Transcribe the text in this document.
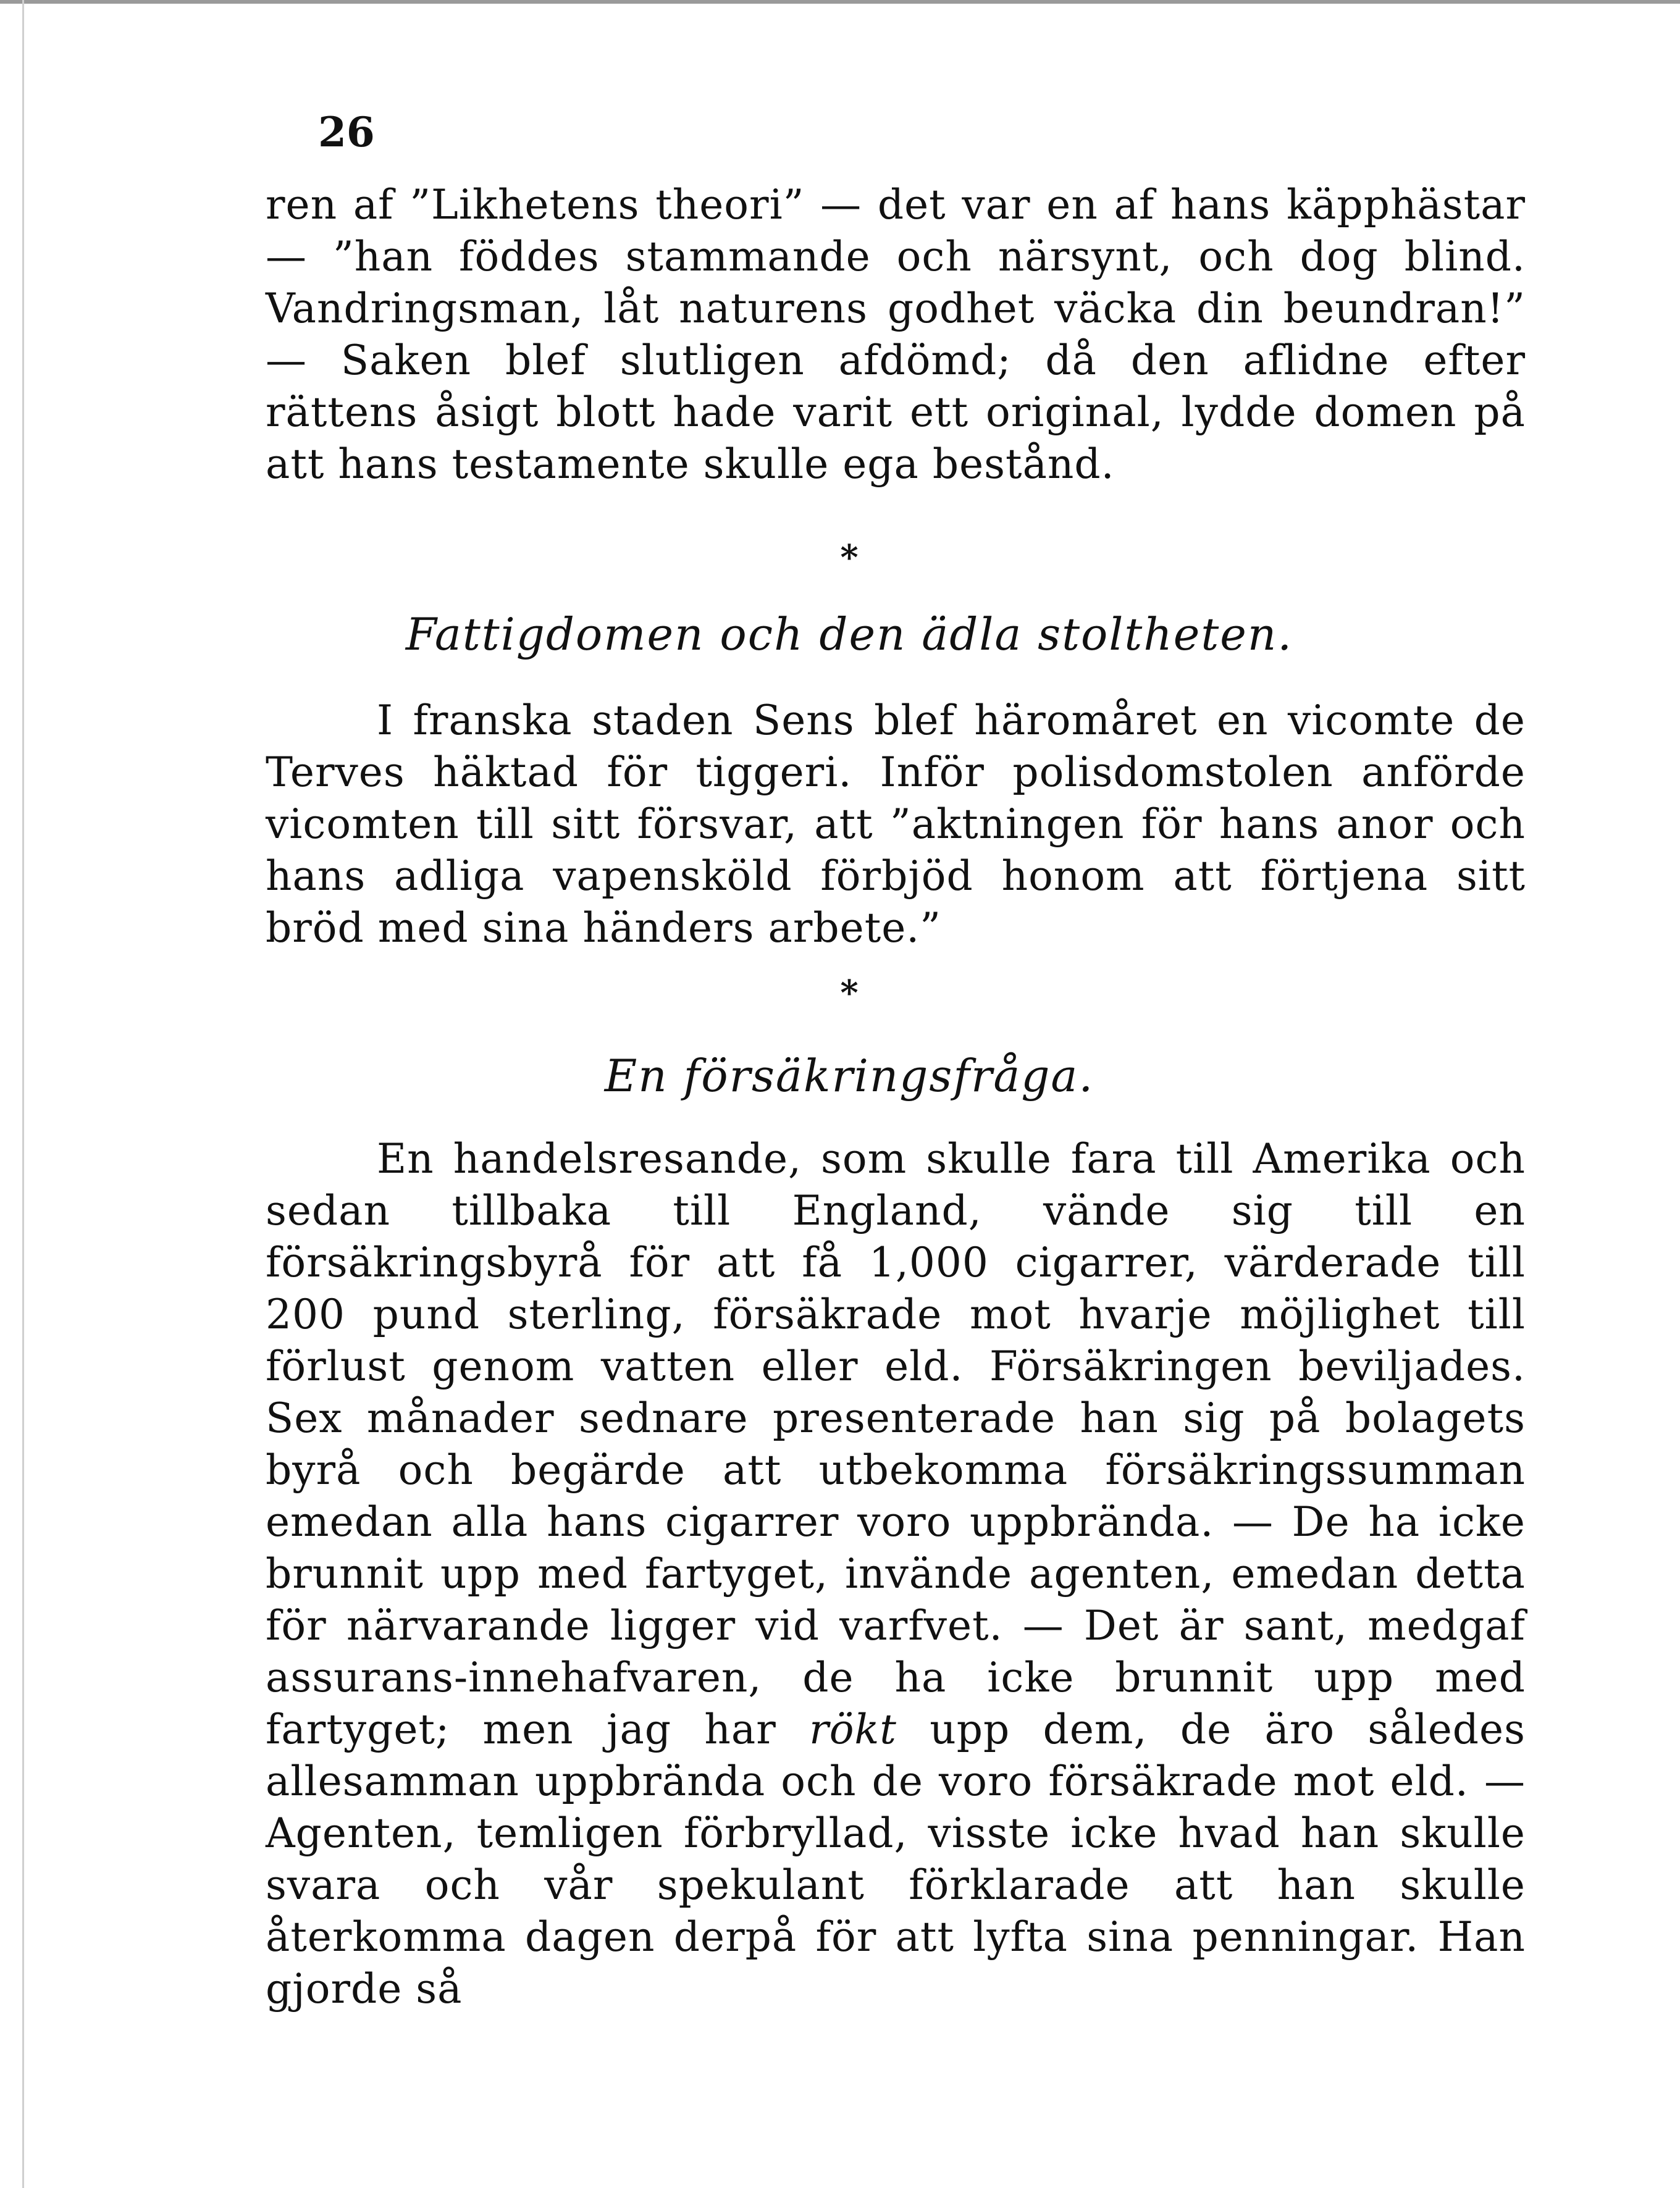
26

ren af ”Likhetens theori” — det var en af hans käpphästar — ”han föddes stammande och närsynt, och dog blind. Vandringsman, låt naturens godhet väcka din beundran!” — Saken blef slutligen afdömd; då den aflidne efter rättens åsigt blott hade varit ett original, lydde domen på att hans testamente skulle ega bestånd.

*
Fattigdomen och den ädla stoltheten.

I franska staden Sens blef häromåret en vicomte de Terves häktad för tiggeri. Inför polisdomstolen anförde vicomten till sitt försvar, att ”aktningen för hans anor och hans adliga vapensköld förbjöd honom att förtjena sitt bröd med sina händers arbete.”

*
En försäkringsfråga.

En handelsresande, som skulle fara till Amerika och sedan tillbaka till England, vände sig till en försäkringsbyrå för att få 1,000 cigarrer, värderade till 200 pund sterling, försäkrade mot hvarje möjlighet till förlust genom vatten eller eld. Försäkringen beviljades. Sex månader sednare presenterade han sig på bolagets byrå och begärde att utbekomma försäkringssumman emedan alla hans cigarrer voro uppbrända. — De ha icke brunnit upp med fartyget, invände agenten, emedan detta för närvarande ligger vid varfvet. — Det är sant, medgaf assurans-innehafvaren, de ha icke brunnit upp med fartyget; men jag har rökt upp dem, de äro således allesamman uppbrända och de voro försäkrade mot eld. — Agenten, temligen förbryllad, visste icke hvad han skulle svara och vår spekulant förklarade att han skulle återkomma dagen derpå för att lyfta sina penningar. Han gjorde så
